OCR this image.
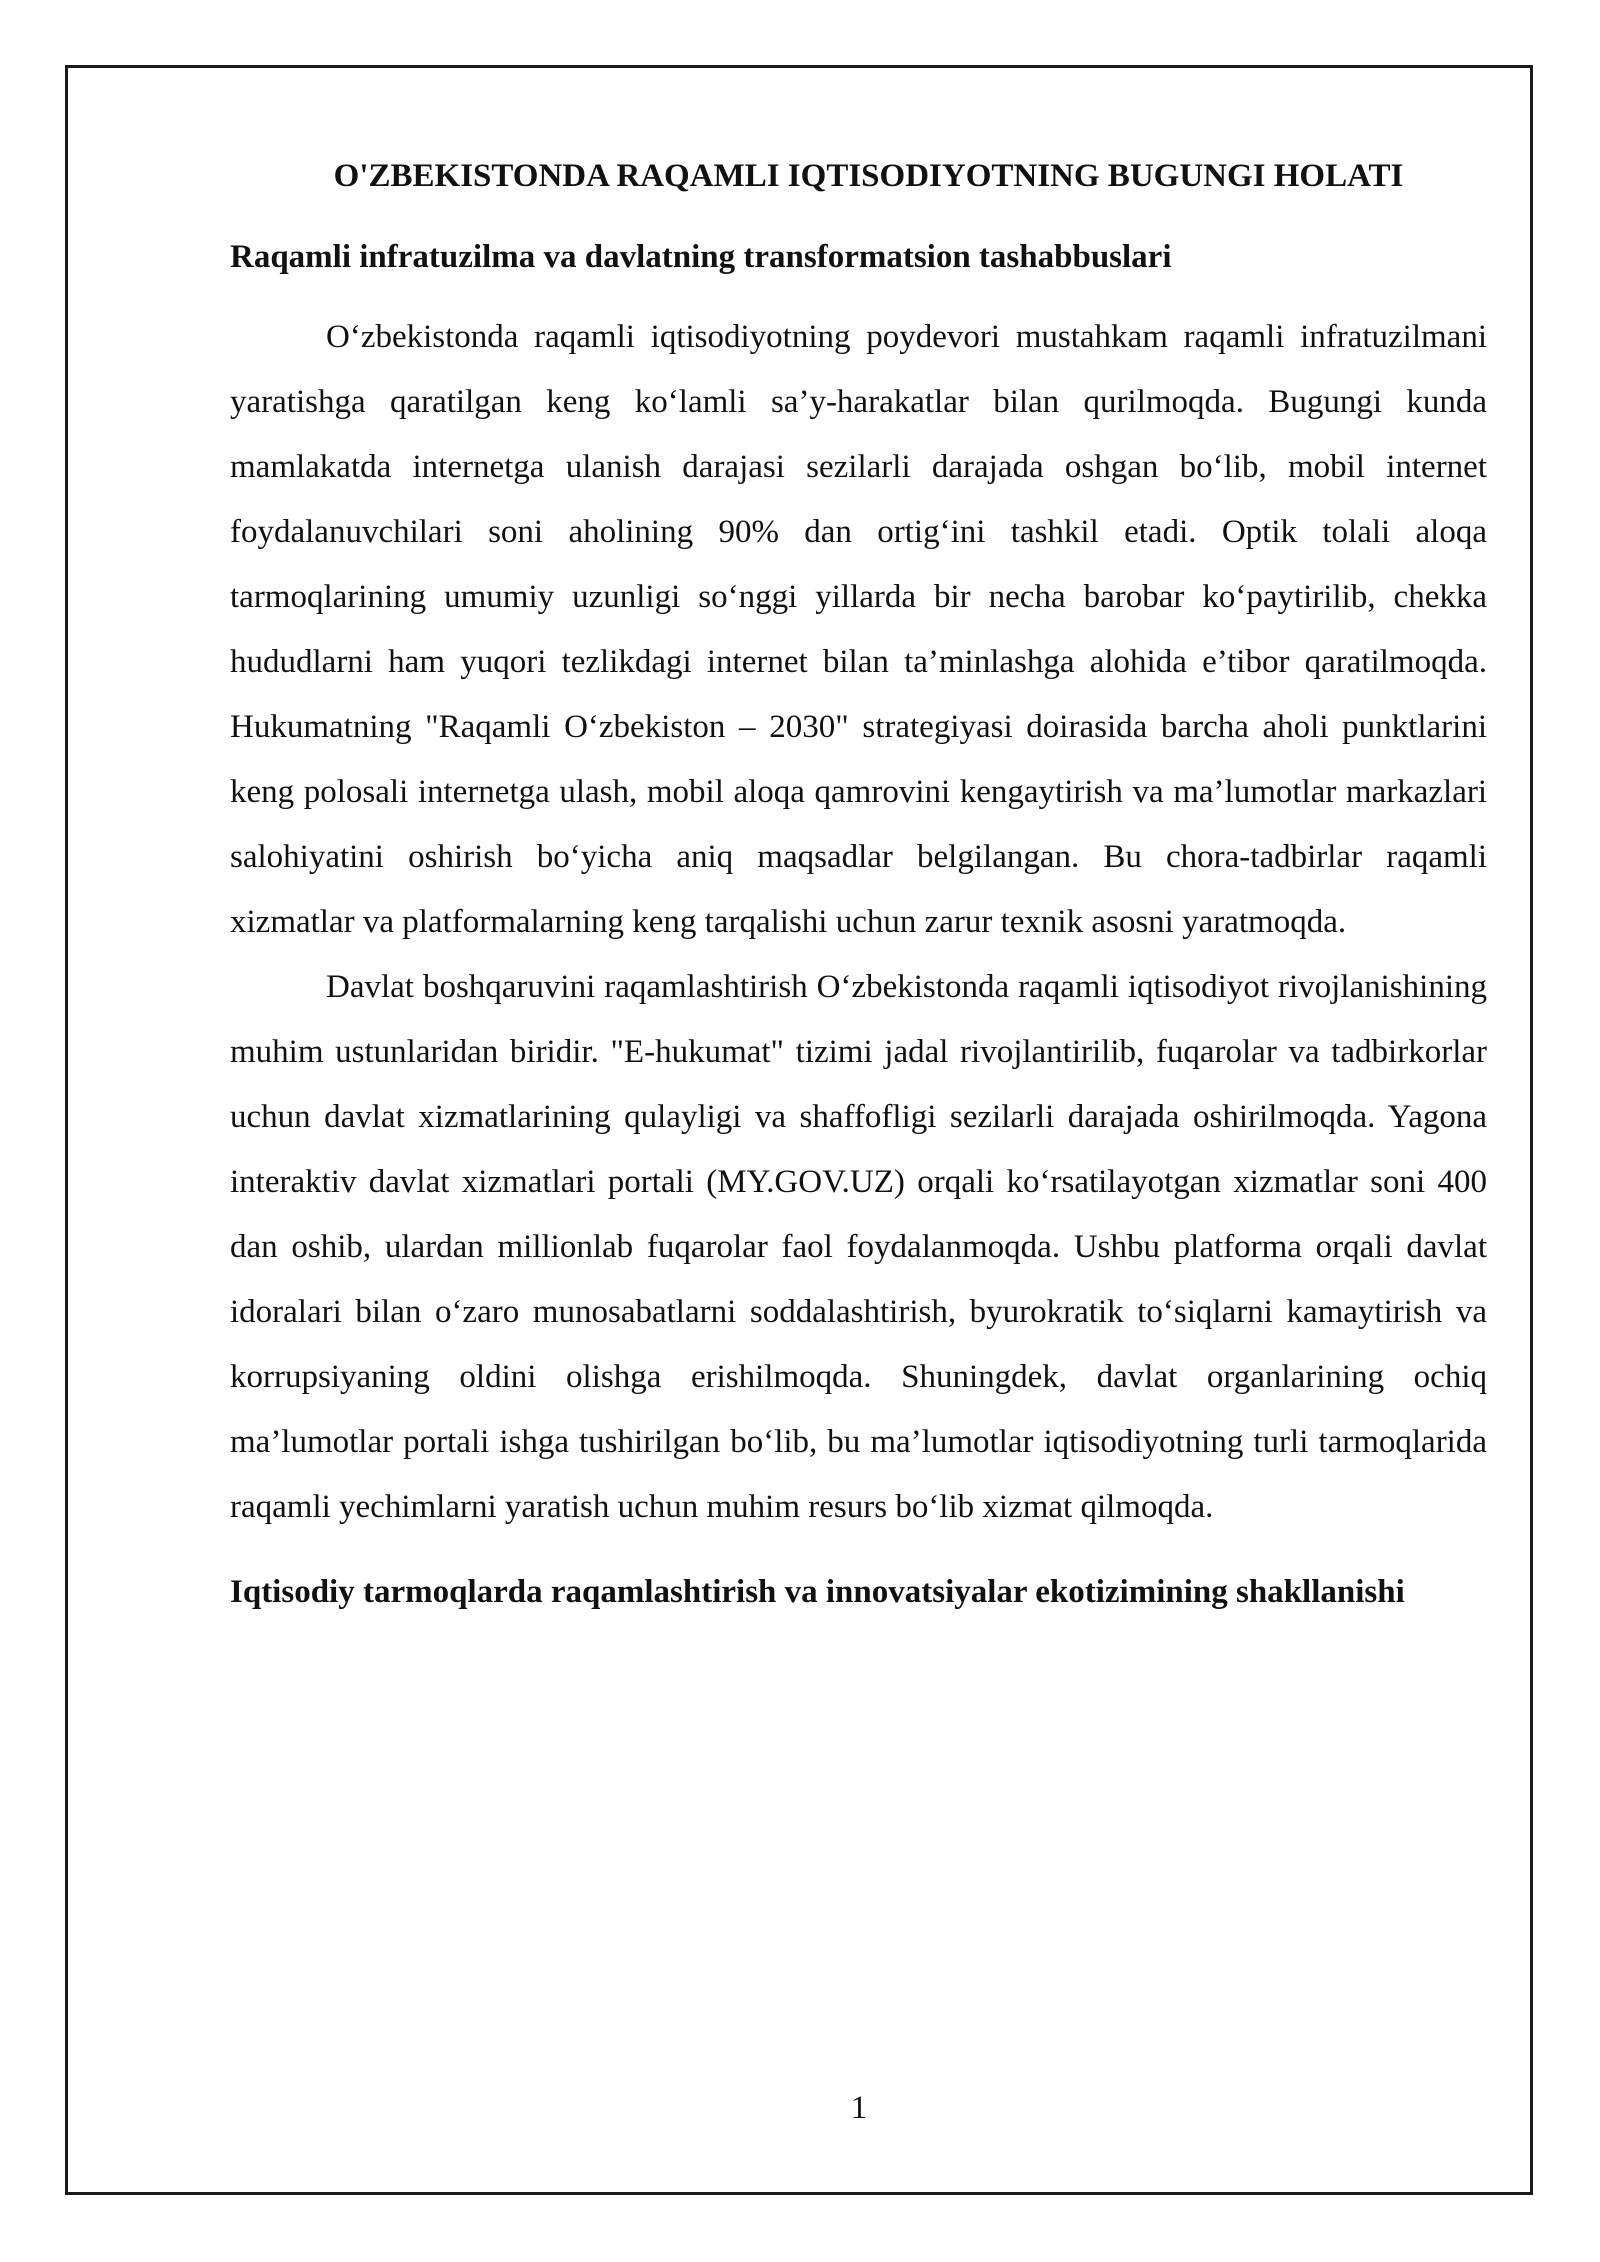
O'ZBEKISTONDA RAQAMLI IQTISODIYOTNING BUGUNGI HOLATI
Raqamli infratuzilma va davlatning transformatsion tashabbuslari

O‘zbekistonda raqamli iqtisodiyotning poydevori mustahkam raqamli infratuzilmani yaratishga qaratilgan keng ko‘lamli sa’y-harakatlar bilan qurilmoqda. Bugungi kunda mamlakatda internetga ulanish darajasi sezilarli darajada oshgan bo‘lib, mobil internet foydalanuvchilari soni aholining 90% dan ortig‘ini tashkil etadi. Optik tolali aloqa tarmoqlarining umumiy uzunligi so‘nggi yillarda bir necha barobar ko‘paytirilib, chekka hududlarni ham yuqori tezlikdagi internet bilan ta’minlashga alohida e’tibor qaratilmoqda. Hukumatning "Raqamli O‘zbekiston – 2030" strategiyasi doirasida barcha aholi punktlarini keng polosali internetga ulash, mobil aloqa qamrovini kengaytirish va ma’lumotlar markazlari salohiyatini oshirish bo‘yicha aniq maqsadlar belgilangan. Bu chora-tadbirlar raqamli xizmatlar va platformalarning keng tarqalishi uchun zarur texnik asosni yaratmoqda.

Davlat boshqaruvini raqamlashtirish O‘zbekistonda raqamli iqtisodiyot rivojlanishining muhim ustunlaridan biridir. "E-hukumat" tizimi jadal rivojlantirilib, fuqarolar va tadbirkorlar uchun davlat xizmatlarining qulayligi va shaffofligi sezilarli darajada oshirilmoqda. Yagona interaktiv davlat xizmatlari portali (MY.GOV.UZ) orqali ko‘rsatilayotgan xizmatlar soni 400 dan oshib, ulardan millionlab fuqarolar faol foydalanmoqda. Ushbu platforma orqali davlat idoralari bilan o‘zaro munosabatlarni soddalashtirish, byurokratik to‘siqlarni kamaytirish va korrupsiyaning oldini olishga erishilmoqda. Shuningdek, davlat organlarining ochiq ma’lumotlar portali ishga tushirilgan bo‘lib, bu ma’lumotlar iqtisodiyotning turli tarmoqlarida raqamli yechimlarni yaratish uchun muhim resurs bo‘lib xizmat qilmoqda.

Iqtisodiy tarmoqlarda raqamlashtirish va innovatsiyalar ekotizimining shakllanishi
1
